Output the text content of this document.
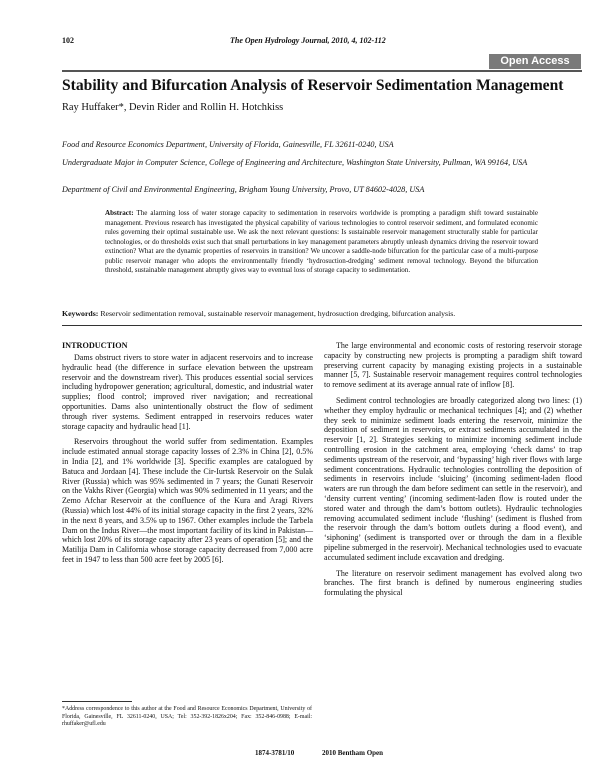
102	The Open Hydrology Journal, 2010, 4, 102-112
Open Access
Stability and Bifurcation Analysis of Reservoir Sedimentation Management
Ray Huffaker*, Devin Rider and Rollin H. Hotchkiss
Food and Resource Economics Department, University of Florida, Gainesville, FL 32611-0240, USA
Undergraduate Major in Computer Science, College of Engineering and Architecture, Washington State University, Pullman, WA 99164, USA
Department of Civil and Environmental Engineering, Brigham Young University, Provo, UT 84602-4028, USA
Abstract: The alarming loss of water storage capacity to sedimentation in reservoirs worldwide is prompting a paradigm shift toward sustainable management. Previous research has investigated the physical capability of various technologies to control reservoir sediment, and formulated economic rules governing their optimal sustainable use. We ask the next relevant questions: Is sustainable reservoir management structurally stable for particular technologies, or do thresholds exist such that small perturbations in key management parameters abruptly unleash dynamics driving the reservoir toward extinction? What are the dynamic properties of reservoirs in transition? We uncover a saddle-node bifurcation for the particular case of a multi-purpose public reservoir manager who adopts the environmentally friendly ‘hydrosuction-dredging’ sediment removal technology. Beyond the bifurcation threshold, sustainable management abruptly gives way to eventual loss of storage capacity to sedimentation.
Keywords: Reservoir sedimentation removal, sustainable reservoir management, hydrosuction dredging, bifurcation analysis.
INTRODUCTION

Dams obstruct rivers to store water in adjacent reservoirs and to increase hydraulic head (the difference in surface elevation between the upstream reservoir and the downstream river). This produces essential social services including hydropower generation; agricultural, domestic, and industrial water supplies; flood control; improved river navigation; and recreational opportunities. Dams also unintentionally obstruct the flow of sediment through river systems. Sediment entrapped in reservoirs reduces water storage capacity and hydraulic head [1].

Reservoirs throughout the world suffer from sedimentation. Examples include estimated annual storage capacity losses of 2.3% in China [2], 0.5% in India [2], and 1% worldwide [3]. Specific examples are catalogued by Batuca and Jordaan [4]. These include the Cir-Iurtsk Reservoir on the Sulak River (Russia) which was 95% sedimented in 7 years; the Gunati Reservoir on the Vakhs River (Georgia) which was 90% sedimented in 11 years; and the Zemo Afchar Reservoir at the confluence of the Kura and Aragi Rivers (Russia) which lost 44% of its initial storage capacity in the first 2 years, 32% in the next 8 years, and 3.5% up to 1967. Other examples include the Tarbela Dam on the Indus River—the most important facility of its kind in Pakistan—which lost 20% of its storage capacity after 23 years of operation [5]; and the Matilija Dam in California whose storage capacity decreased from 7,000 acre feet in 1947 to less than 500 acre feet by 2005 [6].

The large environmental and economic costs of restoring reservoir storage capacity by constructing new projects is prompting a paradigm shift toward preserving current capacity by managing existing projects in a sustainable manner [5, 7]. Sustainable reservoir management requires control technologies to remove sediment at its average annual rate of inflow [8].

Sediment control technologies are broadly categorized along two lines: (1) whether they employ hydraulic or mechanical techniques [4]; and (2) whether they seek to minimize sediment loads entering the reservoir, minimize the deposition of sediment in reservoirs, or extract sediments accumulated in the reservoir [1, 2]. Strategies seeking to minimize incoming sediment include controlling erosion in the catchment area, employing ‘check dams’ to trap sediments upstream of the reservoir, and ‘bypassing’ high river flows with large sediment concentrations. Hydraulic technologies controlling the deposition of sediments in reservoirs include ‘sluicing’ (incoming sediment-laden flood waters are run through the dam before sediment can settle in the reservoir), and ‘density current venting’ (incoming sediment-laden flow is routed under the stored water and through the dam’s bottom outlets). Hydraulic technologies removing accumulated sediment include ‘flushing’ (sediment is flushed from the reservoir through the dam’s bottom outlets during a flood event), and ‘siphoning’ (sediment is transported over or through the dam in a flexible pipeline submerged in the reservoir). Mechanical technologies used to evacuate accumulated sediment include excavation and dredging.

The literature on reservoir sediment management has evolved along two branches. The first branch is defined by numerous engineering studies formulating the physical

*Address correspondence to this author at the Food and Resource Economics Department, University of Florida, Gainesville, FL 32611-0240, USA; Tel: 352-392-1826x204; Fax: 352-846-0988; E-mail: rhuffaker@ufl.edu
1874-3781/10	2010 Bentham Open
